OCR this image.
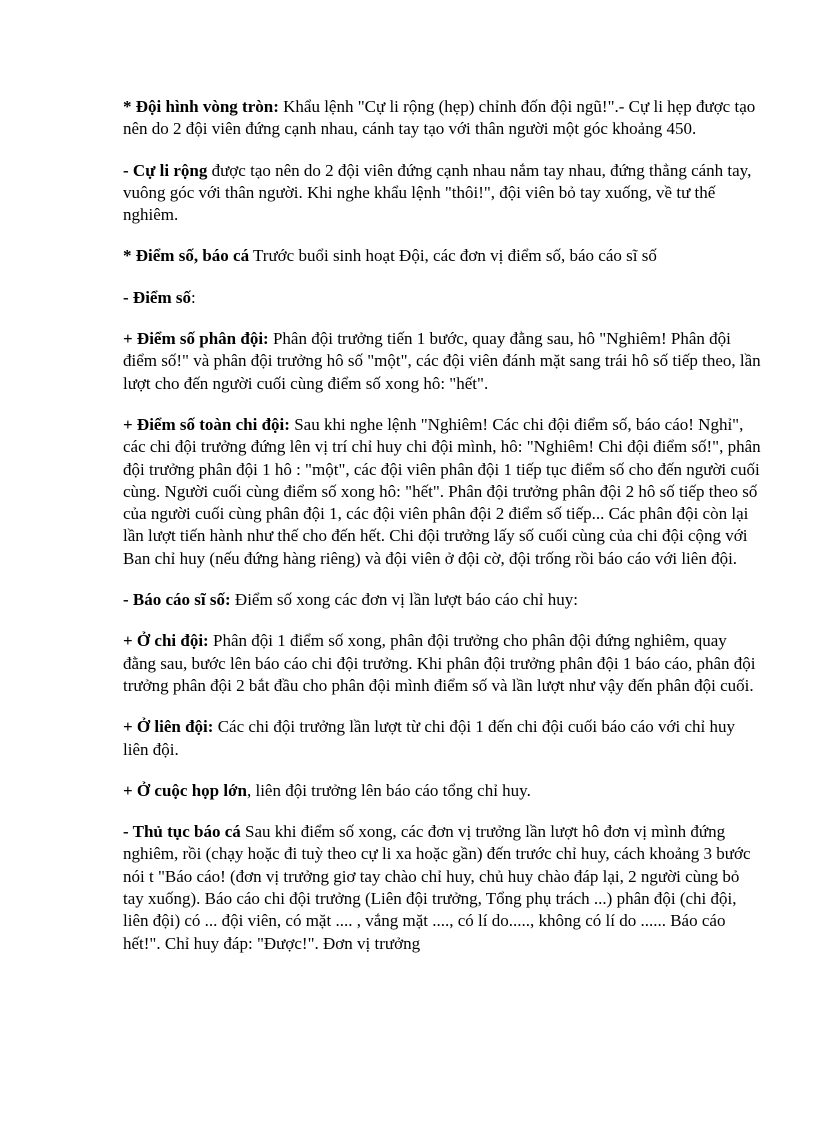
* Đội hình vòng tròn: Khẩu lệnh "Cự li rộng (hẹp) chỉnh đốn đội ngũ!".- Cự li hẹp được tạo nên do 2 đội viên đứng cạnh nhau, cánh tay tạo với thân người một góc khoảng 450.

- Cự li rộng được tạo nên do 2 đội viên đứng cạnh nhau nắm tay nhau, đứng thẳng cánh tay, vuông góc với thân người. Khi nghe khẩu lệnh "thôi!", đội viên bỏ tay xuống, về tư thế nghiêm.

* Điểm số, báo cá Trước buổi sinh hoạt Đội, các đơn vị điểm số, báo cáo sĩ số

- Điểm số:

+ Điểm số phân đội: Phân đội trưởng tiến 1 bước, quay đằng sau, hô "Nghiêm! Phân đội điểm số!" và phân đội trưởng hô số "một", các đội viên đánh mặt sang trái hô số tiếp theo, lần lượt cho đến người cuối cùng điểm số xong hô: "hết".

+ Điểm số toàn chi đội: Sau khi nghe lệnh "Nghiêm! Các chi đội điểm số, báo cáo! Nghỉ", các chi đội trưởng đứng lên vị trí chỉ huy chi đội mình, hô: "Nghiêm! Chi đội điểm số!", phân đội trưởng phân đội 1 hô : "một", các đội viên phân đội 1 tiếp tục điểm số cho đến người cuối cùng. Người cuối cùng điểm số xong hô: "hết". Phân đội trưởng phân đội 2 hô số tiếp theo số của người cuối cùng phân đội 1, các đội viên phân đội 2 điểm số tiếp... Các phân đội còn lại lần lượt tiến hành như thế cho đến hết. Chi đội trưởng lấy số cuối cùng của chi đội cộng với Ban chỉ huy (nếu đứng hàng riêng) và đội viên ở đội cờ, đội trống rồi báo cáo với liên đội.

- Báo cáo sĩ số: Điểm số xong các đơn vị lần lượt báo cáo chỉ huy:

+ Ở chi đội: Phân đội 1 điểm số xong, phân đội trưởng cho phân đội đứng nghiêm, quay đằng sau, bước lên báo cáo chi đội trưởng. Khi phân đội trưởng phân đội 1 báo cáo, phân đội trưởng phân đội 2 bắt đầu cho phân đội mình điểm số và lần lượt như vậy đến phân đội cuối.

+ Ở liên đội: Các chi đội trưởng lần lượt từ chi đội 1 đến chi đội cuối báo cáo với chỉ huy liên đội.

+ Ở cuộc họp lớn, liên đội trưởng lên báo cáo tổng chỉ huy.

- Thủ tục báo cá Sau khi điểm số xong, các đơn vị trưởng lần lượt hô đơn vị mình đứng nghiêm, rồi (chạy hoặc đi tuỳ theo cự li xa hoặc gần) đến trước chỉ huy, cách khoảng 3 bước nói t "Báo cáo! (đơn vị trưởng giơ tay chào chỉ huy, chủ huy chào đáp lại, 2 người cùng bỏ tay xuống). Báo cáo chi đội trưởng (Liên đội trưởng, Tổng phụ trách ...) phân đội (chi đội, liên đội) có ... đội viên, có mặt .... , vắng mặt ...., có lí do....., không có lí do ...... Báo cáo hết!". Chỉ huy đáp: "Được!". Đơn vị trưởng
